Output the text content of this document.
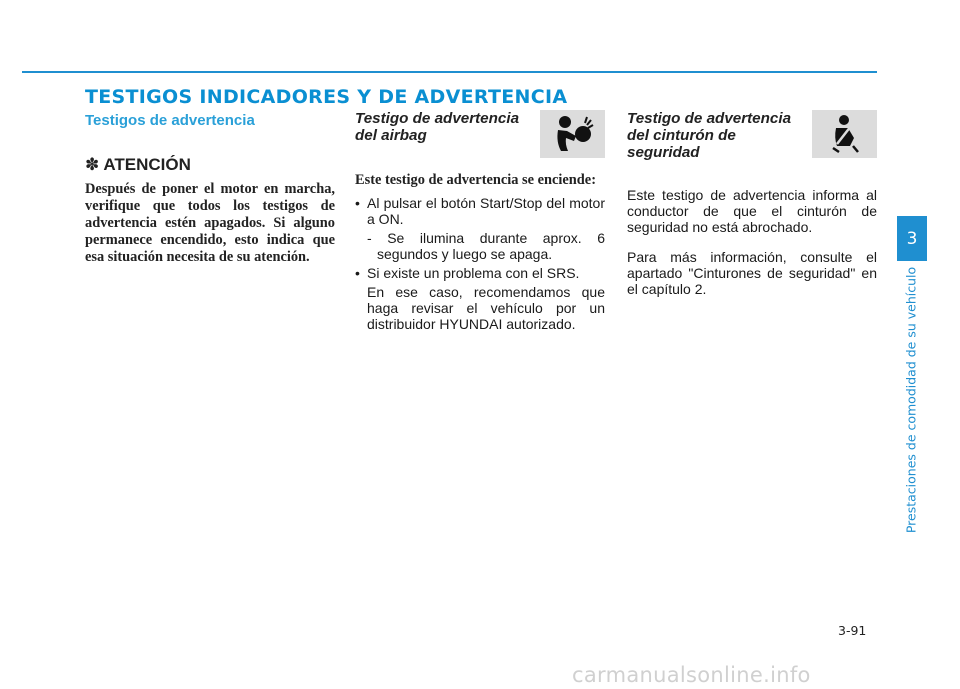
TESTIGOS INDICADORES Y DE ADVERTENCIA
Testigos de advertencia
✽ ATENCIÓN

Después de poner el motor en marcha, verifique que todos los testigos de advertencia estén apagados. Si alguno permanece encendido, esto indica que esa situación necesita de su atención.

Testigo de advertencia del airbag

Este testigo de advertencia se enciende:

• Al pulsar el botón Start/Stop del motor a ON.
- Se ilumina durante aprox. 6 segundos y luego se apaga.
• Si existe un problema con el SRS.
En ese caso, recomendamos que haga revisar el vehículo por un distribuidor HYUNDAI autorizado.
Testigo de advertencia del cinturón de seguridad

Este testigo de advertencia informa al conductor de que el cinturón de seguridad no está abrochado.

Para más información, consulte el apartado "Cinturones de seguridad" en el capítulo 2.

3
Prestaciones de comodidad de su vehículo
3-91
carmanualsonline.info
